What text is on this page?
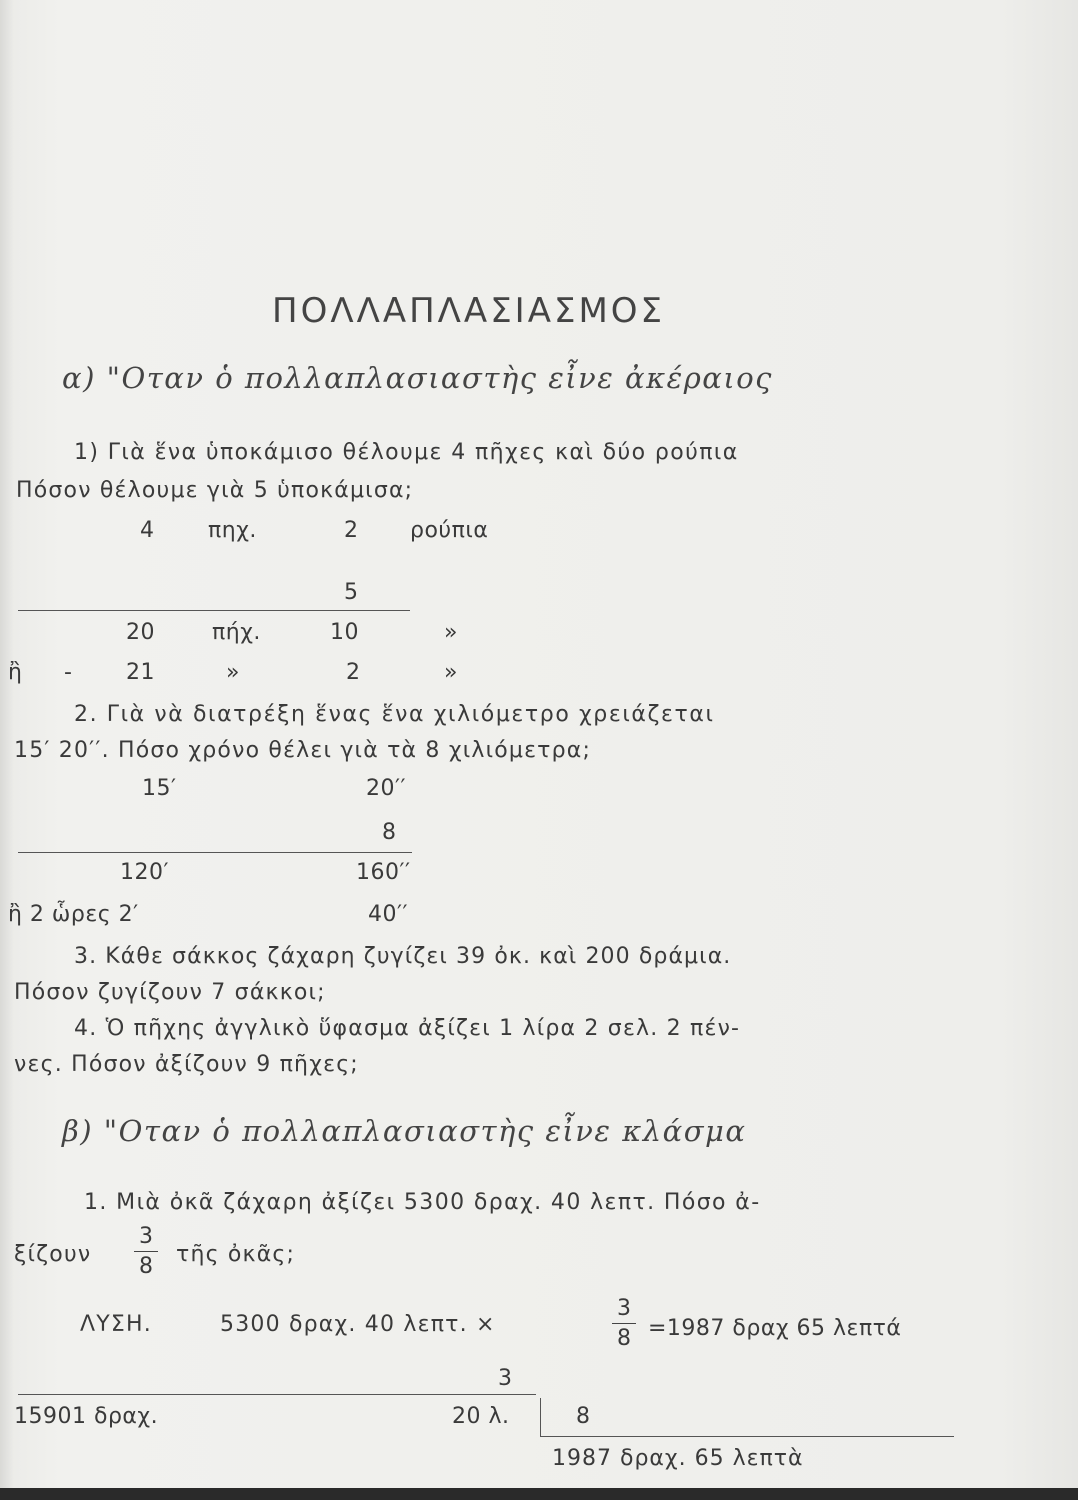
ΠΟΛΛΑΠΛΑΣΙΑΣΜΟΣ
α) "Οταν ὁ πολλαπλασιαστὴς εἶνε ἀκέραιος
1) Γιὰ ἕνα ὑποκάμισο θέλουμε 4 πῆχες καὶ δύο ρούπια
Πόσον θέλουμε γιὰ 5 ὑποκάμισα;
4 πηχ.	2 ρούπια
5
20	πήχ.	10	»
ἢ - 21	»	2	»
2. Γιὰ νὰ διατρέξη ἕνας ἕνα χιλιόμετρο χρειάζεται
15′ 20′′. Πόσο χρόνο θέλει γιὰ τὰ 8 χιλιόμετρα;
15′	20′′
8
120′	160′′
ἢ 2 ὧρες 2′	40′′
3. Κάθε σάκκος ζάχαρη ζυγίζει 39 ὀκ. καὶ 200 δράμια.
Πόσον ζυγίζουν 7 σάκκοι;
4. Ὁ πῆχης ἀγγλικὸ ὕφασμα ἀξίζει 1 λίρα 2 σελ. 2 πέν-
νες. Πόσον ἀξίζουν 9 πῆχες;
β) "Οταν ὁ πολλαπλασιαστὴς εἶνε κλάσμα
1. Μιὰ ὀκᾶ ζάχαρη ἀξίζει 5300 δραχ. 40 λεπτ. Πόσο ἀ-
ξίζουν
3
8 τῆς ὀκᾶς;
ΛΥΣΗ.	5300 δραχ. 40 λεπτ. ×
3
8 =1987 δραχ 65 λεπτά
3
15901 δραχ.	20 λ.	8
1987 δραχ. 65 λεπτὰ
